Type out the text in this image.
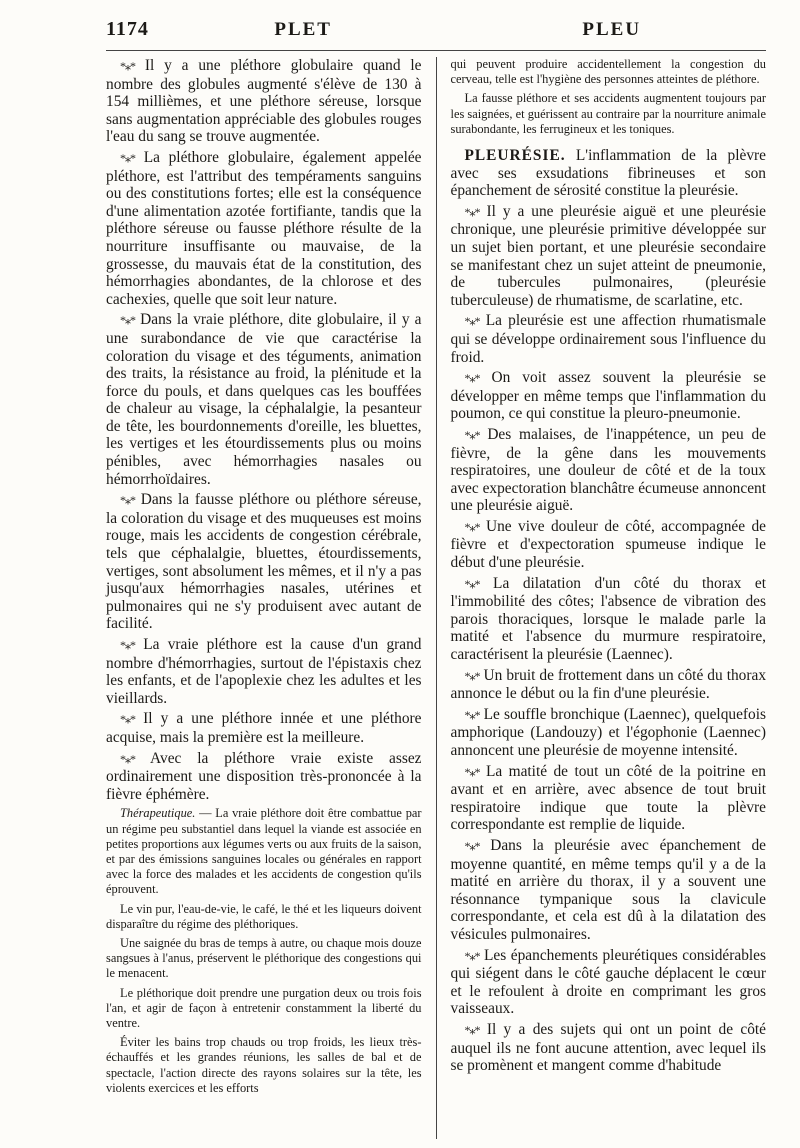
1174	PLET	PLEU

*⁎* Il y a une pléthore globulaire quand le nombre des globules augmenté s'élève de 130 à 154 millièmes, et une pléthore séreuse, lorsque sans augmentation appréciable des globules rouges l'eau du sang se trouve augmentée.

*⁎* La pléthore globulaire, également appelée pléthore, est l'attribut des tempéraments sanguins ou des constitutions fortes; elle est la conséquence d'une alimentation azotée fortifiante, tandis que la pléthore séreuse ou fausse pléthore résulte de la nourriture insuffisante ou mauvaise, de la grossesse, du mauvais état de la constitution, des hémorrhagies abondantes, de la chlorose et des cachexies, quelle que soit leur nature.

*⁎* Dans la vraie pléthore, dite globulaire, il y a une surabondance de vie que caractérise la coloration du visage et des téguments, animation des traits, la résistance au froid, la plénitude et la force du pouls, et dans quelques cas les bouffées de chaleur au visage, la céphalalgie, la pesanteur de tête, les bourdonnements d'oreille, les bluettes, les vertiges et les étourdissements plus ou moins pénibles, avec hémorrhagies nasales ou hémorrhoïdaires.

*⁎* Dans la fausse pléthore ou pléthore séreuse, la coloration du visage et des muqueuses est moins rouge, mais les accidents de congestion cérébrale, tels que céphalalgie, bluettes, étourdissements, vertiges, sont absolument les mêmes, et il n'y a pas jusqu'aux hémorrhagies nasales, utérines et pulmonaires qui ne s'y produisent avec autant de facilité.

*⁎* La vraie pléthore est la cause d'un grand nombre d'hémorrhagies, surtout de l'épistaxis chez les enfants, et de l'apoplexie chez les adultes et les vieillards.

*⁎* Il y a une pléthore innée et une pléthore acquise, mais la première est la meilleure.

*⁎* Avec la pléthore vraie existe assez ordinairement une disposition très-prononcée à la fièvre éphémère.

Thérapeutique. — La vraie pléthore doit être combattue par un régime peu substantiel dans lequel la viande est associée en petites proportions aux légumes verts ou aux fruits de la saison, et par des émissions sanguines locales ou générales en rapport avec la force des malades et les accidents de congestion qu'ils éprouvent.

Le vin pur, l'eau-de-vie, le café, le thé et les liqueurs doivent disparaître du régime des pléthoriques.

Une saignée du bras de temps à autre, ou chaque mois douze sangsues à l'anus, préservent le pléthorique des congestions qui le menacent.

Le pléthorique doit prendre une purgation deux ou trois fois l'an, et agir de façon à entretenir constamment la liberté du ventre.

Éviter les bains trop chauds ou trop froids, les lieux très-échauffés et les grandes réunions, les salles de bal et de spectacle, l'action directe des rayons solaires sur la tête, les violents exercices et les efforts

qui peuvent produire accidentellement la congestion du cerveau, telle est l'hygiène des personnes atteintes de pléthore.

La fausse pléthore et ses accidents augmentent toujours par les saignées, et guérissent au contraire par la nourriture animale surabondante, les ferrugineux et les toniques.

PLEURÉSIE. L'inflammation de la plèvre avec ses exsudations fibrineuses et son épanchement de sérosité constitue la pleurésie.

*⁎* Il y a une pleurésie aiguë et une pleurésie chronique, une pleurésie primitive développée sur un sujet bien portant, et une pleurésie secondaire se manifestant chez un sujet atteint de pneumonie, de tubercules pulmonaires, (pleurésie tuberculeuse) de rhumatisme, de scarlatine, etc.

*⁎* La pleurésie est une affection rhumatismale qui se développe ordinairement sous l'influence du froid.

*⁎* On voit assez souvent la pleurésie se développer en même temps que l'inflammation du poumon, ce qui constitue la pleuro-pneumonie.

*⁎* Des malaises, de l'inappétence, un peu de fièvre, de la gêne dans les mouvements respiratoires, une douleur de côté et de la toux avec expectoration blanchâtre écumeuse annoncent une pleurésie aiguë.

*⁎* Une vive douleur de côté, accompagnée de fièvre et d'expectoration spumeuse indique le début d'une pleurésie.

*⁎* La dilatation d'un côté du thorax et l'immobilité des côtes; l'absence de vibration des parois thoraciques, lorsque le malade parle la matité et l'absence du murmure respiratoire, caractérisent la pleurésie (Laennec).

*⁎* Un bruit de frottement dans un côté du thorax annonce le début ou la fin d'une pleurésie.

*⁎* Le souffle bronchique (Laennec), quelquefois amphorique (Landouzy) et l'égophonie (Laennec) annoncent une pleurésie de moyenne intensité.

*⁎* La matité de tout un côté de la poitrine en avant et en arrière, avec absence de tout bruit respiratoire indique que toute la plèvre correspondante est remplie de liquide.

*⁎* Dans la pleurésie avec épanchement de moyenne quantité, en même temps qu'il y a de la matité en arrière du thorax, il y a souvent une résonnance tympanique sous la clavicule correspondante, et cela est dû à la dilatation des vésicules pulmonaires.

*⁎* Les épanchements pleurétiques considérables qui siégent dans le côté gauche déplacent le cœur et le refoulent à droite en comprimant les gros vaisseaux.

*⁎* Il y a des sujets qui ont un point de côté auquel ils ne font aucune attention, avec lequel ils se promènent et mangent comme d'habitude
